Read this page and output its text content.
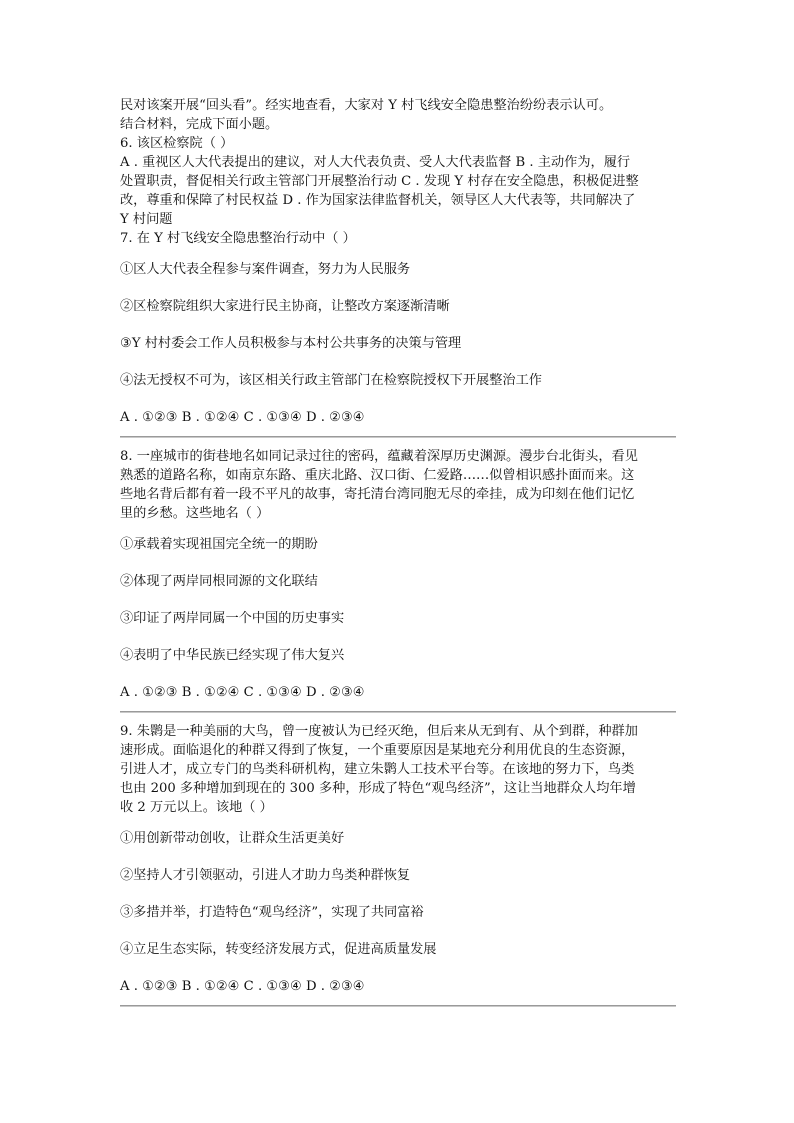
民对该案开展“回头看”。经实地查看，大家对 Y 村飞线安全隐患整治纷纷表示认可。
结合材料，完成下面小题。
6. 该区检察院（ ）
A . 重视区人大代表提出的建议，对人大代表负责、受人大代表监督 B . 主动作为，履行
处置职责，督促相关行政主管部门开展整治行动 C . 发现 Y 村存在安全隐患，积极促进整
改，尊重和保障了村民权益 D . 作为国家法律监督机关，领导区人大代表等，共同解决了
Y 村问题
7. 在 Y 村飞线安全隐患整治行动中（ ）
①区人大代表全程参与案件调查，努力为人民服务
②区检察院组织大家进行民主协商，让整改方案逐渐清晰
③Y 村村委会工作人员积极参与本村公共事务的决策与管理
④法无授权不可为，该区相关行政主管部门在检察院授权下开展整治工作
A . ①②③ B . ①②④ C . ①③④ D . ②③④
8. 一座城市的街巷地名如同记录过往的密码，蕴藏着深厚历史渊源。漫步台北街头，看见
熟悉的道路名称，如南京东路、重庆北路、汉口街、仁爱路……似曾相识感扑面而来。这
些地名背后都有着一段不平凡的故事，寄托清台湾同胞无尽的牵挂，成为印刻在他们记忆
里的乡愁。这些地名（ ）
①承载着实现祖国完全统一的期盼
②体现了两岸同根同源的文化联结
③印证了两岸同属一个中国的历史事实
④表明了中华民族已经实现了伟大复兴
A . ①②③ B . ①②④ C . ①③④ D . ②③④
9. 朱鹮是一种美丽的大鸟，曾一度被认为已经灭绝，但后来从无到有、从个到群，种群加
速形成。面临退化的种群又得到了恢复，一个重要原因是某地充分利用优良的生态资源，
引进人才，成立专门的鸟类科研机构，建立朱鹮人工技术平台等。在该地的努力下，鸟类
也由 200 多种增加到现在的 300 多种，形成了特色“观鸟经济”，这让当地群众人均年增
收 2 万元以上。该地（ ）
①用创新带动创收，让群众生活更美好
②坚持人才引领驱动，引进人才助力鸟类种群恢复
③多措并举，打造特色“观鸟经济”，实现了共同富裕
④立足生态实际，转变经济发展方式，促进高质量发展
A . ①②③ B . ①②④ C . ①③④ D . ②③④
